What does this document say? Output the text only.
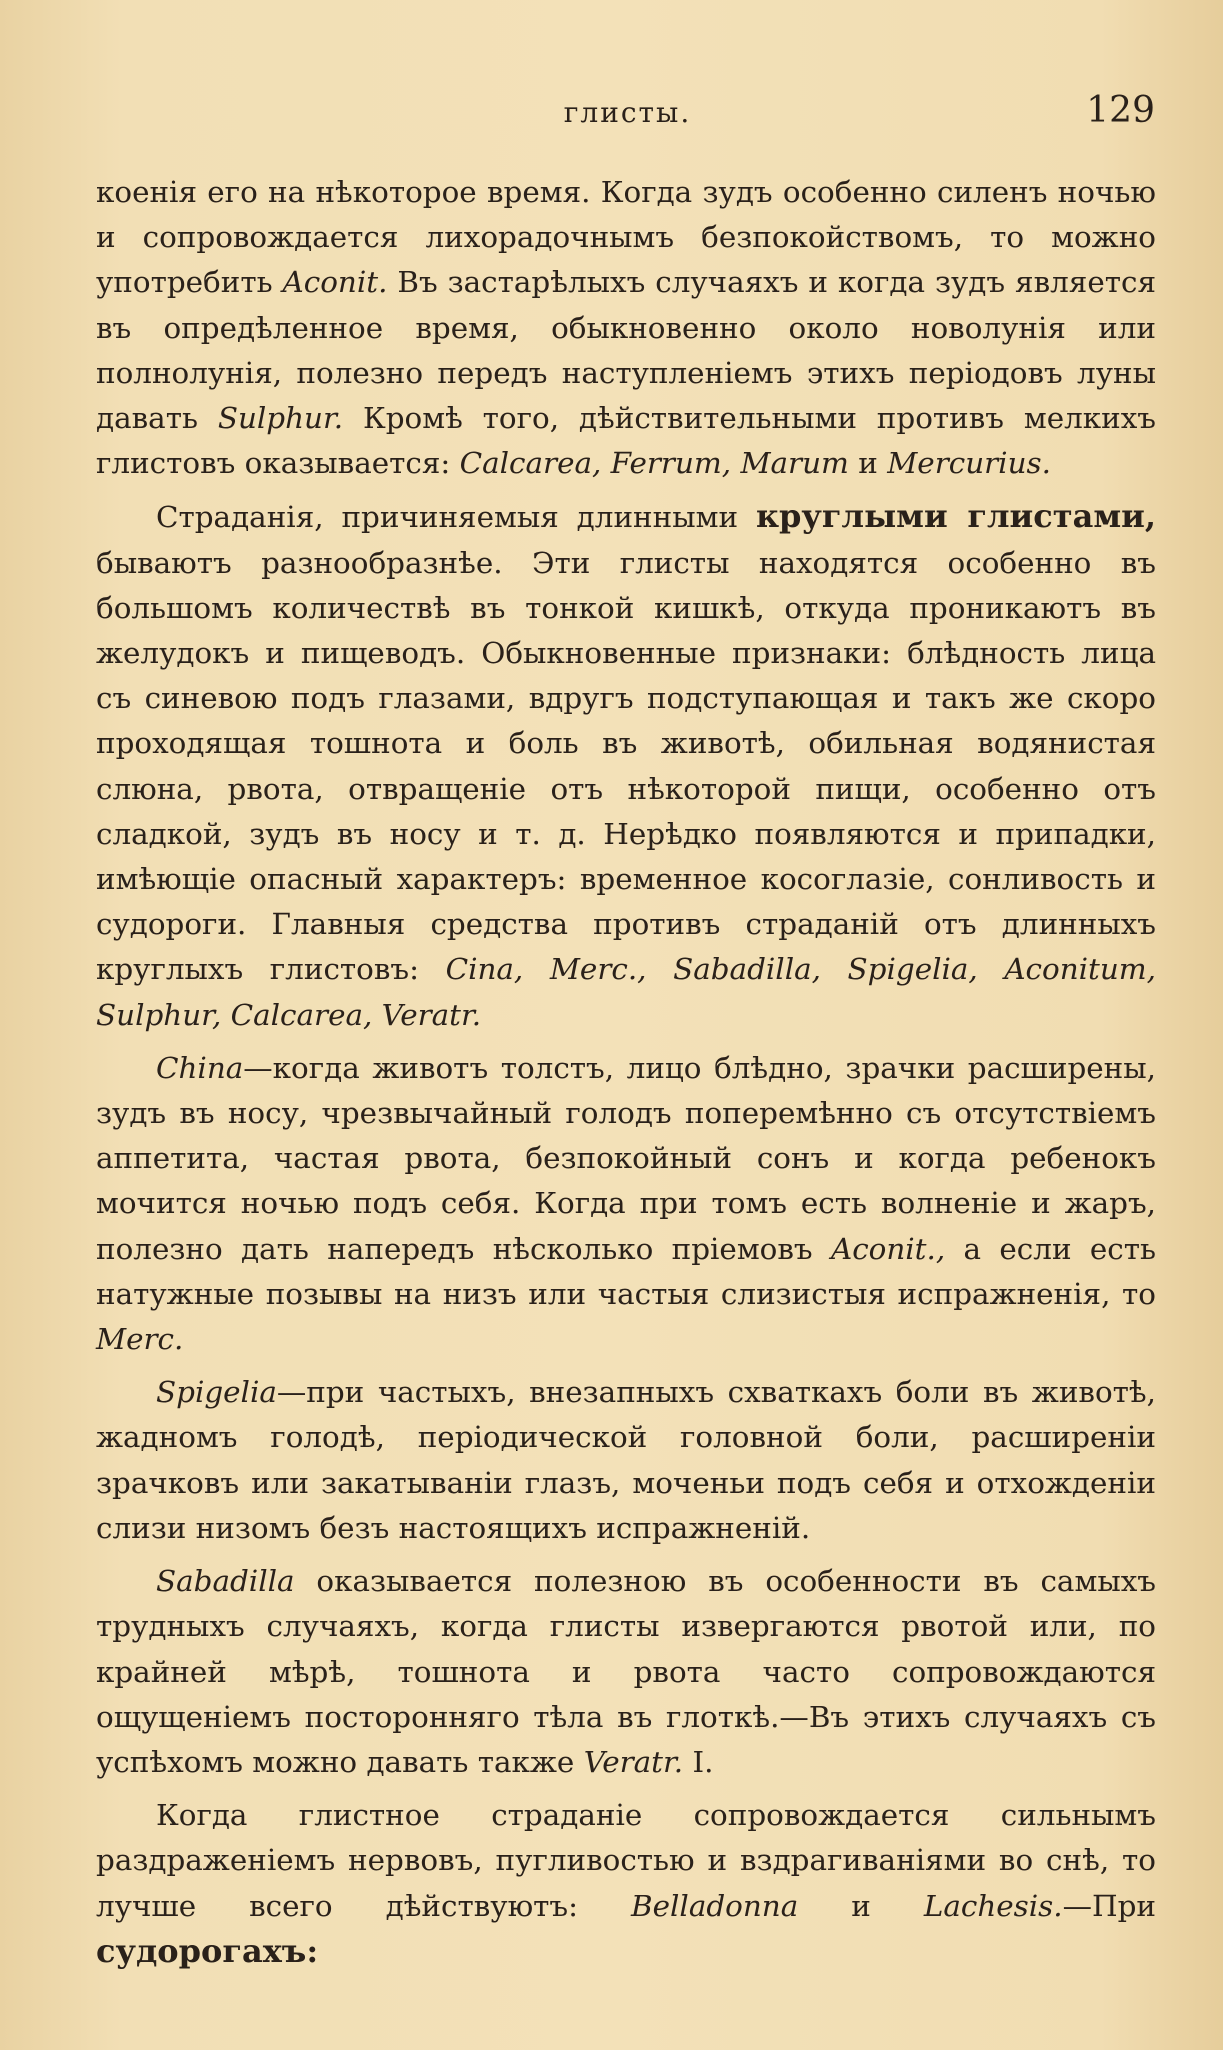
глисты.	129

коенія его на нѣкоторое время. Когда зудъ особенно силенъ ночью и сопровождается лихорадочнымъ безпокойствомъ, то можно употребить Aconit. Въ застарѣлыхъ случаяхъ и когда зудъ является въ опредѣленное время, обыкновенно около новолунія или полнолунія, полезно передъ наступленіемъ этихъ періодовъ луны давать Sulphur. Кромѣ того, дѣйствительными противъ мелкихъ глистовъ оказывается: Calcarea, Ferrum, Marum и Mercurius.

Страданія, причиняемыя длинными круглыми глистами, бываютъ разнообразнѣе. Эти глисты находятся особенно въ большомъ количествѣ въ тонкой кишкѣ, откуда проникаютъ въ желудокъ и пищеводъ. Обыкновенные признаки: блѣдность лица съ синевою подъ глазами, вдругъ подступающая и такъ же скоро проходящая тошнота и боль въ животѣ, обильная водянистая слюна, рвота, отвращеніе отъ нѣкоторой пищи, особенно отъ сладкой, зудъ въ носу и т. д. Нерѣдко появляются и припадки, имѣющіе опасный характеръ: временное косоглазіе, сонливость и судороги. Главныя средства противъ страданій отъ длинныхъ круглыхъ глистовъ: Cina, Merc., Sabadilla, Spigelia, Aconitum, Sulphur, Calcarea, Veratr.

China—когда животъ толстъ, лицо блѣдно, зрачки расширены, зудъ въ носу, чрезвычайный голодъ поперемѣнно съ отсутствіемъ аппетита, частая рвота, безпокойный сонъ и когда ребенокъ мочится ночью подъ себя. Когда при томъ есть волненіе и жаръ, полезно дать напередъ нѣсколько пріемовъ Aconit., а если есть натужные позывы на низъ или частыя слизистыя испражненія, то Merc.

Spigelia—при частыхъ, внезапныхъ схваткахъ боли въ животѣ, жадномъ голодѣ, періодической головной боли, расширеніи зрачковъ или закатываніи глазъ, моченьи подъ себя и отхожденіи слизи низомъ безъ настоящихъ испражненій.

Sabadilla оказывается полезною въ особенности въ самыхъ трудныхъ случаяхъ, когда глисты извергаются рвотой или, по крайней мѣрѣ, тошнота и рвота часто сопровождаются ощущеніемъ посторонняго тѣла въ глоткѣ.—Въ этихъ случаяхъ съ успѣхомъ можно давать также Veratr. I.

Когда глистное страданіе сопровождается сильнымъ раздраженіемъ нервовъ, пугливостью и вздрагиваніями во снѣ, то лучше всего дѣйствуютъ: Belladonna и Lachesis.—При судорогахъ:
